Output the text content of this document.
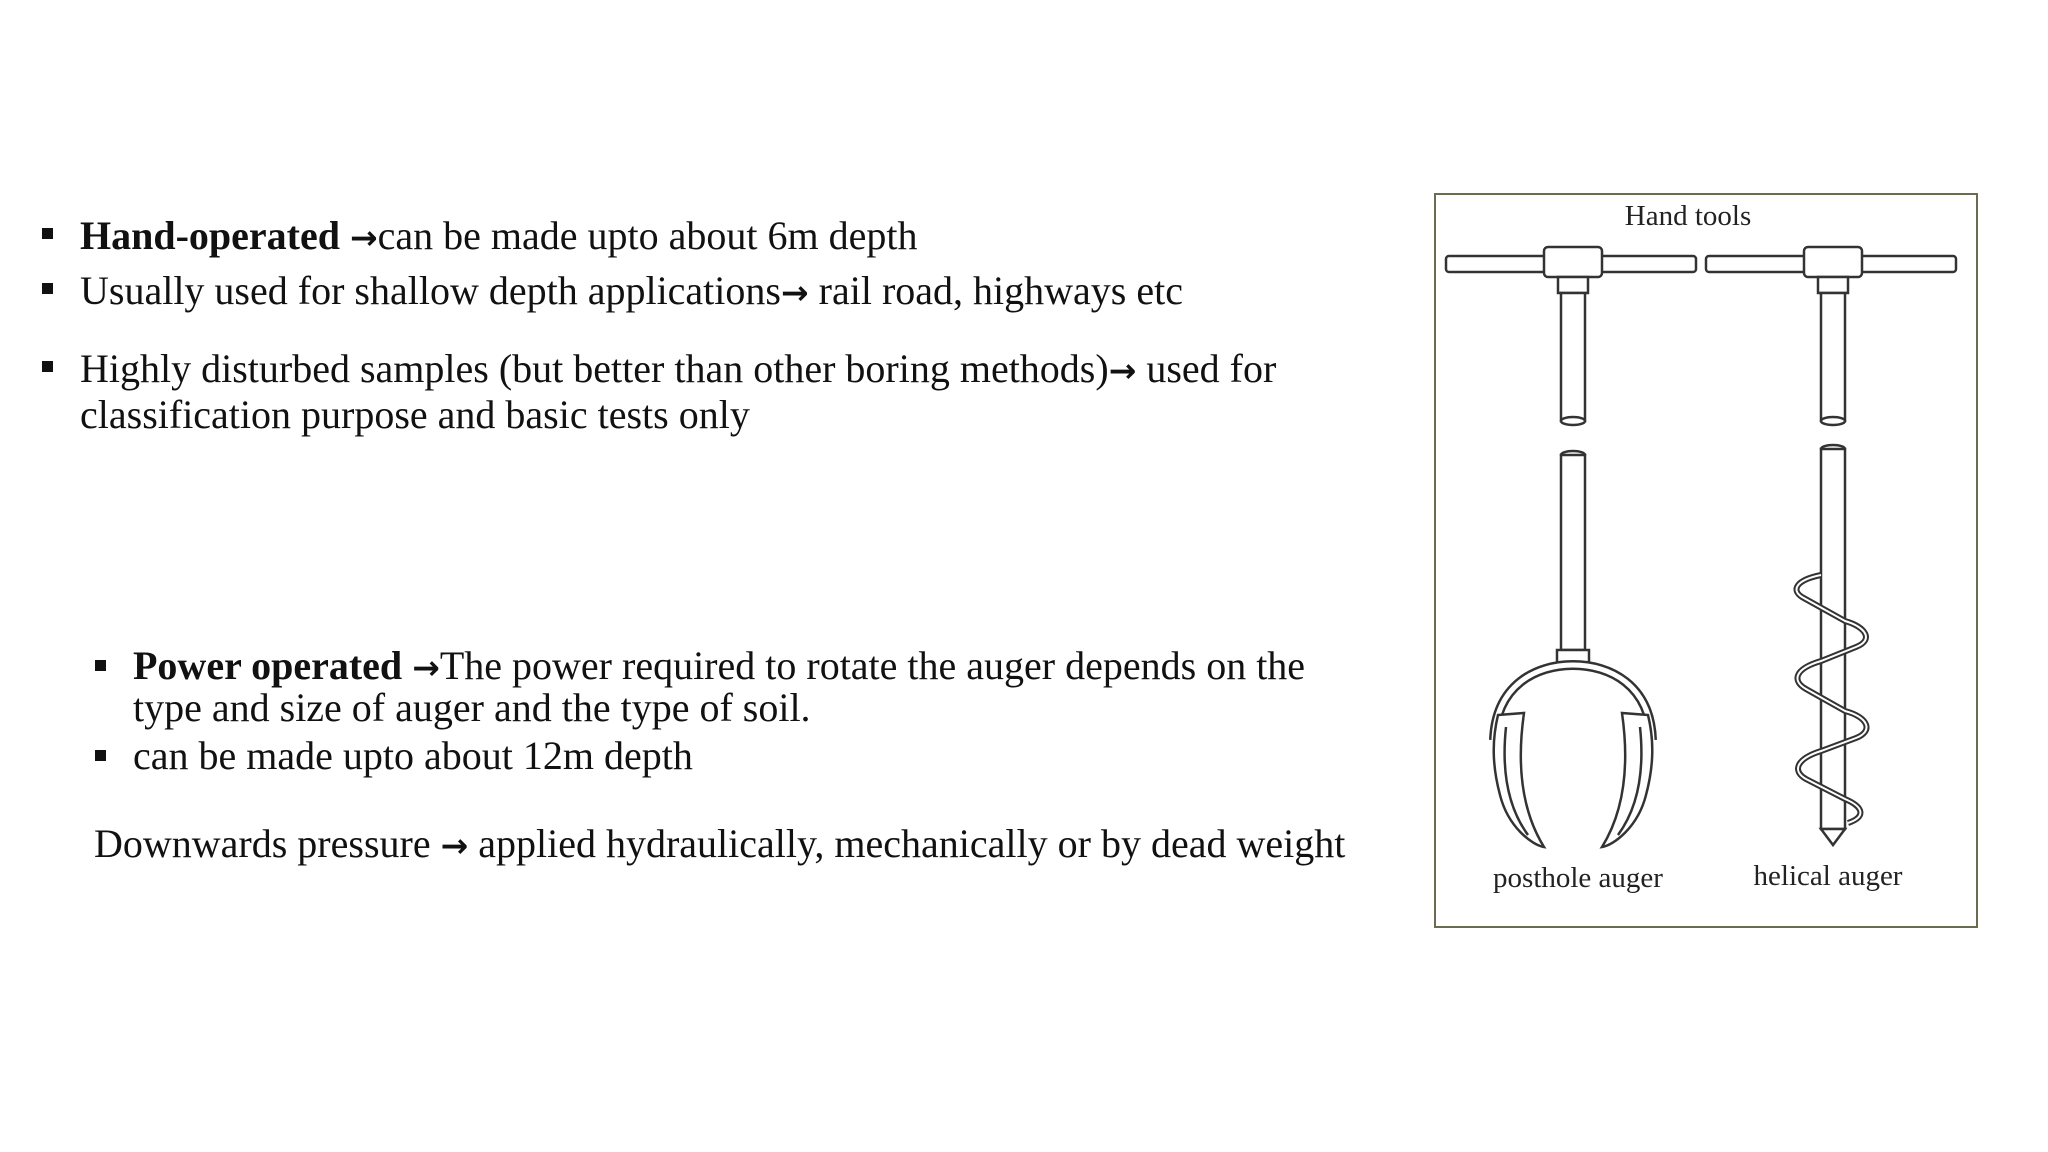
Hand-operated →can be made upto about 6m depth
Usually used for shallow depth applications→ rail road, highways etc
Highly disturbed samples (but better than other boring methods)→ used for classification purpose and basic tests only
Power operated →The power required to rotate the auger depends on the type and size of auger and the type of soil.
can be made upto about 12m depth

Downwards pressure → applied hydraulically, mechanically or by dead weight

Hand tools
posthole auger	helical auger
